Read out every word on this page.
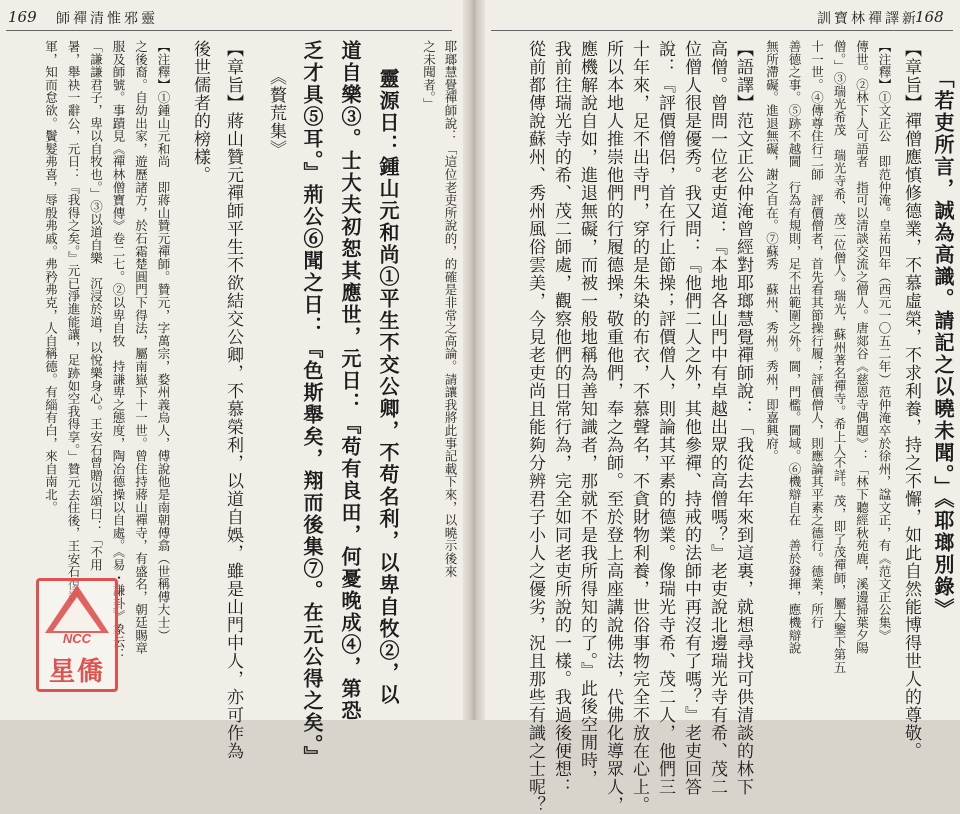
169 師禪清惟邪靈
耶瑯慧覺禪師說：「這位老吏所說的，的確是非常之高論。請讓我將此事記載下來，以曉示後來
之未聞者。」
靈源日：鍾山元和尚①平生不交公卿，不苟名利，以卑自牧②，以
道自樂③。士大夫初恕其應世，元日：『苟有良田，何憂晚成④，第恐
乏才具⑤耳。』荊公⑥聞之日：『色斯舉矣，翔而後集⑦。在元公得之矣。』
《贅荒集》
【章旨】蔣山贊元禪師平生不欲結交公卿，不慕榮利，以道自娛，雖是山門中人，亦可作為
後世儒者的榜樣。
【注釋】①鍾山元和尚　即蔣山贊元禪師。贊元，字萬宗，婺州義烏人，傅說他是南朝傅翕（世稱傅大士）
之後裔。自幼出家，遊歷諸方，於石霜楚圓門下得法，屬南嶽下十一世。曾住持蔣山禪寺，有盛名，朝廷賜章
服及師號。事蹟見《禪林僧寶傳》卷二七。②以卑自牧　持謙卑之態度，陶冶德操以自處。《易・謙卦》象云：
「謙謙君子，卑以自牧也。」③以道自樂　沉浸於道，以悅樂身心。王安石曾贈以頌曰：「不用
暑，舉袂一辭公，元日：『我得之矣。』元已淨進能讓，足跡如空我得享。」贊元去住後，王安石復讚日：
軍，知而怠欲。鬢髮弗喜，辱殷弗戚。弗矜弗克，人自稱德。有緇有白，來自南北。
NCC
星僑
訓寶林禪譯新
168
「若吏所言，誠為高識。請記之以曉未聞。」《耶瑯別錄》
【章旨】禪僧應慎修德業，不慕虛榮，不求利養，持之不懈，如此自然能博得世人的尊敬。
【注釋】①文正公　即范仲淹。皇祐四年（西元一〇五二年）范仲淹卒於徐州，諡文正，有《范文正公集》
傳世。②林下人可語者　指可以清談交流之僧人。唐郯谷《慈恩寺偶題》：「林下聽經秋苑鹿，溪邊掃葉夕陽
僧。」③瑞光希茂　瑞光寺希、茂二位僧人。瑞光，蘇州著名禪寺。希上人不詳。茂，即了茂禪師，屬大鑒下第五
十一世。④傳尊住行二師　評價僧者，首先看其節操行履；評價僧人，則應論其平素之德行。德業，所行
善德之事。⑤跡不越閫　行為有規則，足不出範圍之外。閫，門檻。閫域。⑥機辯自在　善於發揮，應機辯說
無所滯礙。進退無礙，謝之自在。⑦蘇秀　蘇州、秀州。秀州，即嘉興府。
【語譯】范文正公仲淹曾經對耶瑯慧覺禪師說：「我從去年來到這裏，就想尋找可供清談的林下
高僧。曾問一位老吏道：『本地各山門中有卓越出眾的高僧嗎？』老吏說北邊瑞光寺有希、茂二
位僧人很是優秀。我又問：『他們二人之外，其他參禪、持戒的法師中再沒有了嗎？』老吏回答
說：『評價僧侶，首在行止節操；評價僧人，則論其平素的德業。像瑞光寺希、茂二人，他們三
十年來，足不出寺門，穿的是朱染的布衣，不慕聲名，不貪財物利養，世俗事物完全不放在心上。
所以本地人推崇他們的行履德操，敬重他們，奉之為師。至於登上高座講說佛法，代佛化導眾人，
應機解說自如，進退無礙，而被一般地稱為善知識者，那就不是我所得知的了。』此後空閒時，
我前往瑞光寺的希、茂二師處，觀察他們的日常行為，完全如同老吏所說的一樣。我過後便想：
從前都傳說蘇州、秀州風俗雲美，今見老吏尚且能夠分辨君子小人之優劣，況且那些有識之士呢？
